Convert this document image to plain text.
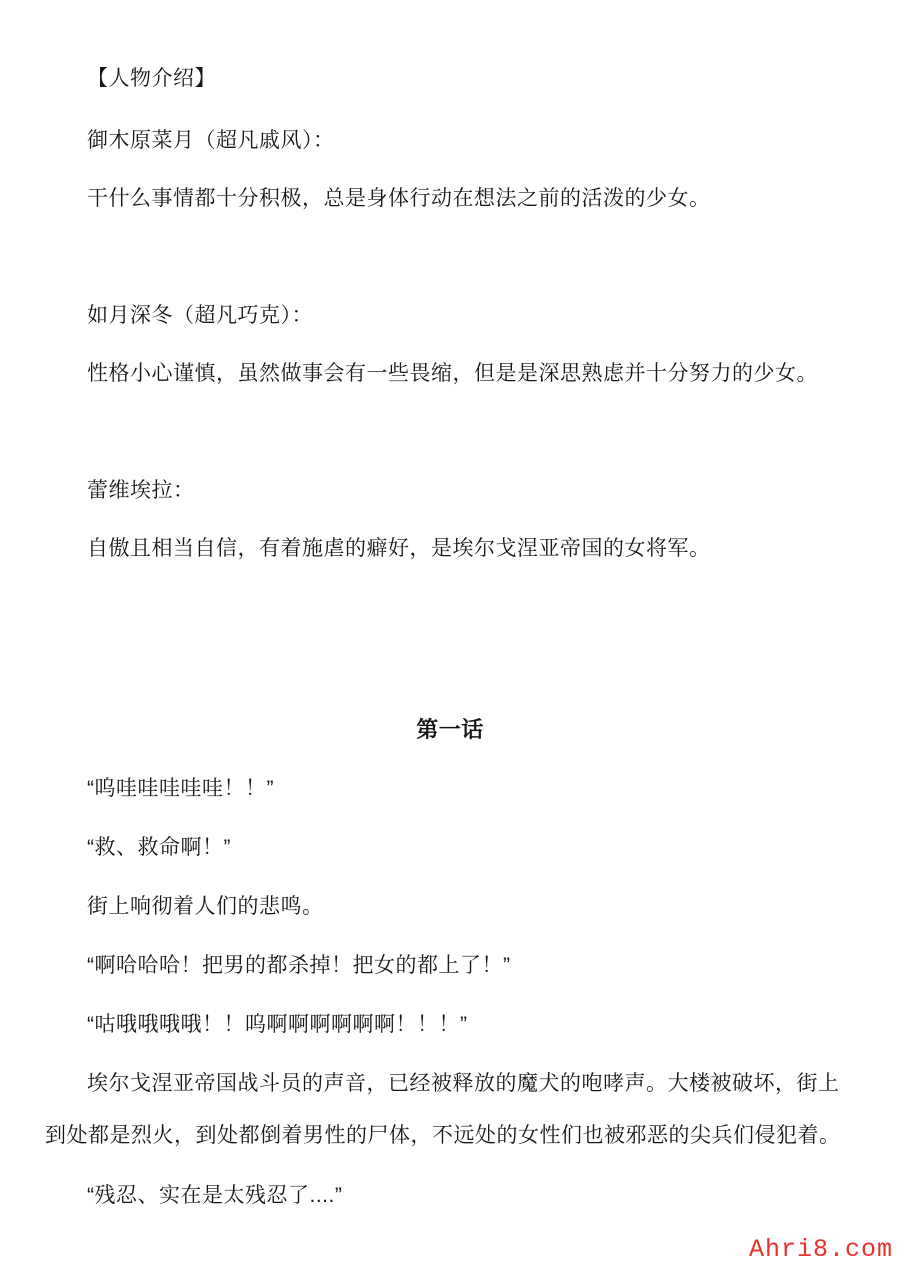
【人物介绍】

御木原菜月（超凡戚风）：

干什么事情都十分积极，总是身体行动在想法之前的活泼的少女。

如月深冬（超凡巧克）：

性格小心谨慎，虽然做事会有一些畏缩，但是是深思熟虑并十分努力的少女。

蕾维埃拉：

自傲且相当自信，有着施虐的癖好，是埃尔戈涅亚帝国的女将军。

第一话

“呜哇哇哇哇哇！！”

“救、救命啊！”

街上响彻着人们的悲鸣。

“啊哈哈哈！把男的都杀掉！把女的都上了！”

“咕哦哦哦哦！！呜啊啊啊啊啊啊！！！”

埃尔戈涅亚帝国战斗员的声音，已经被释放的魔犬的咆哮声。大楼被破坏，街上到处都是烈火，到处都倒着男性的尸体，不远处的女性们也被邪恶的尖兵们侵犯着。

“残忍、实在是太残忍了....”

Ahri8.com
